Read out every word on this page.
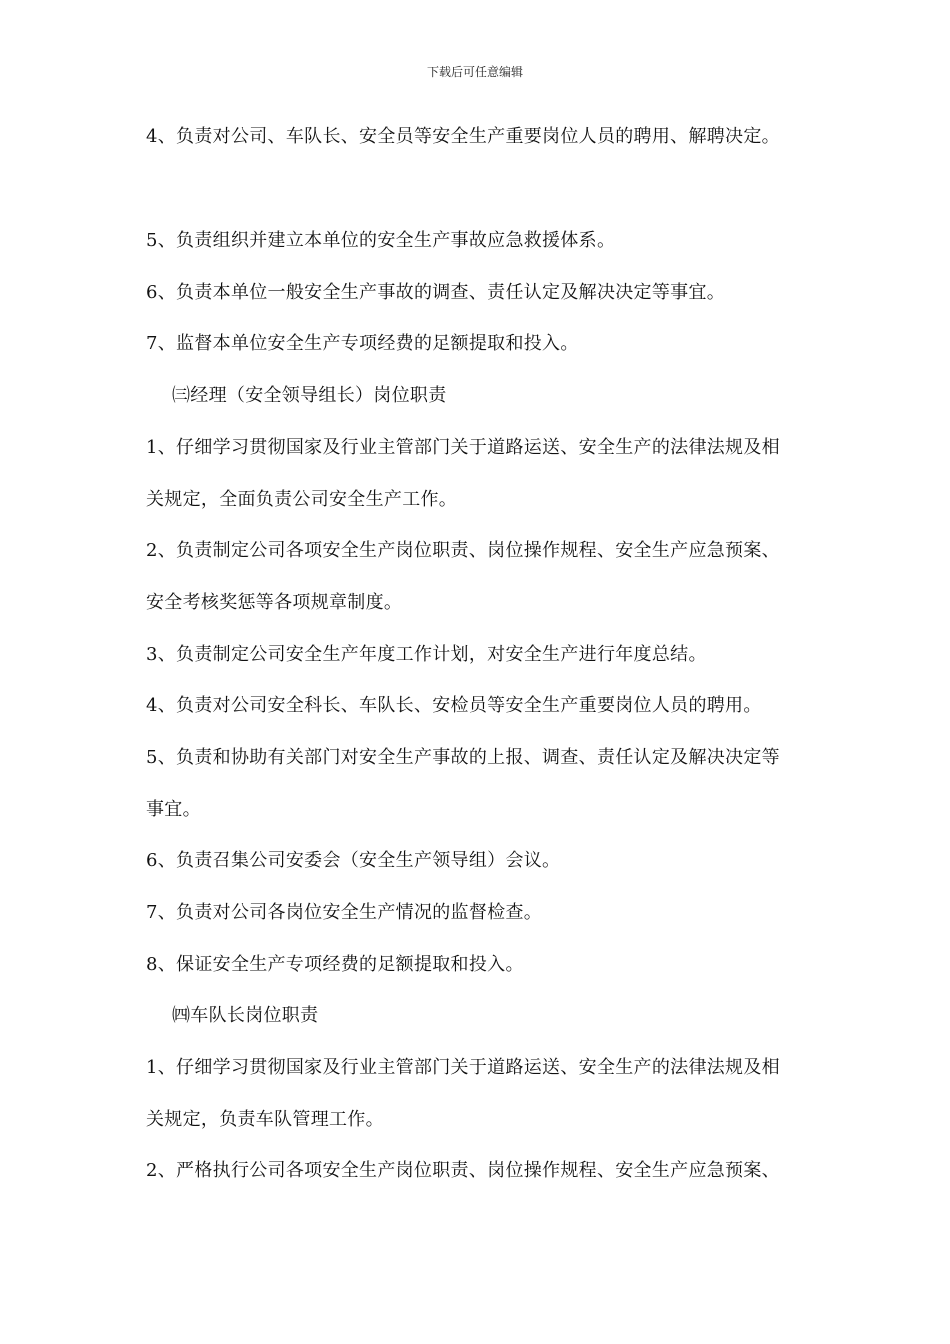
下载后可任意编辑
4、负责对公司、车队长、安全员等安全生产重要岗位人员的聘用、解聘决定。
5、负责组织并建立本单位的安全生产事故应急救援体系。
6、负责本单位一般安全生产事故的调查、责任认定及解决决定等事宜。
7、监督本单位安全生产专项经费的足额提取和投入。
㈢经理（安全领导组长）岗位职责
1、仔细学习贯彻国家及行业主管部门关于道路运送、安全生产的法律法规及相
关规定，全面负责公司安全生产工作。
2、负责制定公司各项安全生产岗位职责、岗位操作规程、安全生产应急预案、
安全考核奖惩等各项规章制度。
3、负责制定公司安全生产年度工作计划，对安全生产进行年度总结。
4、负责对公司安全科长、车队长、安检员等安全生产重要岗位人员的聘用。
5、负责和协助有关部门对安全生产事故的上报、调查、责任认定及解决决定等
事宜。
6、负责召集公司安委会（安全生产领导组）会议。
7、负责对公司各岗位安全生产情况的监督检查。
8、保证安全生产专项经费的足额提取和投入。
㈣车队长岗位职责
1、仔细学习贯彻国家及行业主管部门关于道路运送、安全生产的法律法规及相
关规定，负责车队管理工作。
2、严格执行公司各项安全生产岗位职责、岗位操作规程、安全生产应急预案、
